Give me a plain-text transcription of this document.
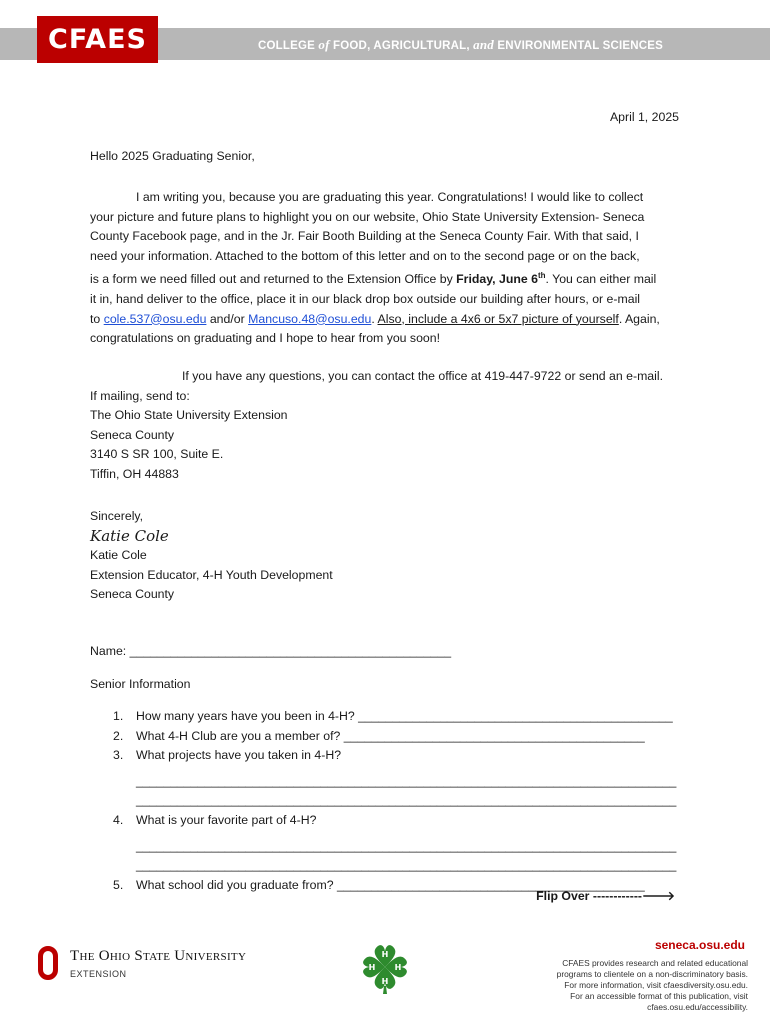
CFAES	COLLEGE of FOOD, AGRICULTURAL, and ENVIRONMENTAL SCIENCES
April 1, 2025
Hello 2025 Graduating Senior,
I am writing you, because you are graduating this year. Congratulations! I would like to collect
your picture and future plans to highlight you on our website, Ohio State University Extension- Seneca
County Facebook page, and in the Jr. Fair Booth Building at the Seneca County Fair. With that said, I
need your information. Attached to the bottom of this letter and on to the second page or on the back,
is a form we need filled out and returned to the Extension Office by Friday, June 6th. You can either mail
it in, hand deliver to the office, place it in our black drop box outside our building after hours, or e-mail
to cole.537@osu.edu and/or Mancuso.48@osu.edu. Also, include a 4x6 or 5x7 picture of yourself. Again,
congratulations on graduating and I hope to hear from you soon!
If you have any questions, you can contact the office at 419-447-9722 or send an e-mail.
If mailing, send to:
The Ohio State University Extension
Seneca County
3140 S SR 100, Suite E.
Tiffin, OH 44883
Sincerely,
Katie Cole
Katie Cole
Extension Educator, 4-H Youth Development
Seneca County
Name: _______________________________________________
Senior Information
1. How many years have you been in 4-H? ______________________________________________
2. What 4-H Club are you a member of? ____________________________________________
3. What projects have you taken in 4-H?
_______________________________________________________________________________
_______________________________________________________________________________
4. What is your favorite part of 4-H?
_______________________________________________________________________________
_______________________________________________________________________________
5. What school did you graduate from? _____________________________________________
Flip Over ------------🡒
The Ohio State University
EXTENSION
H
H
H H
seneca.osu.edu
CFAES provides research and related educational
programs to clientele on a non-discriminatory basis.
For more information, visit cfaesdiversity.osu.edu.
For an accessible format of this publication, visit
cfaes.osu.edu/accessibility.
